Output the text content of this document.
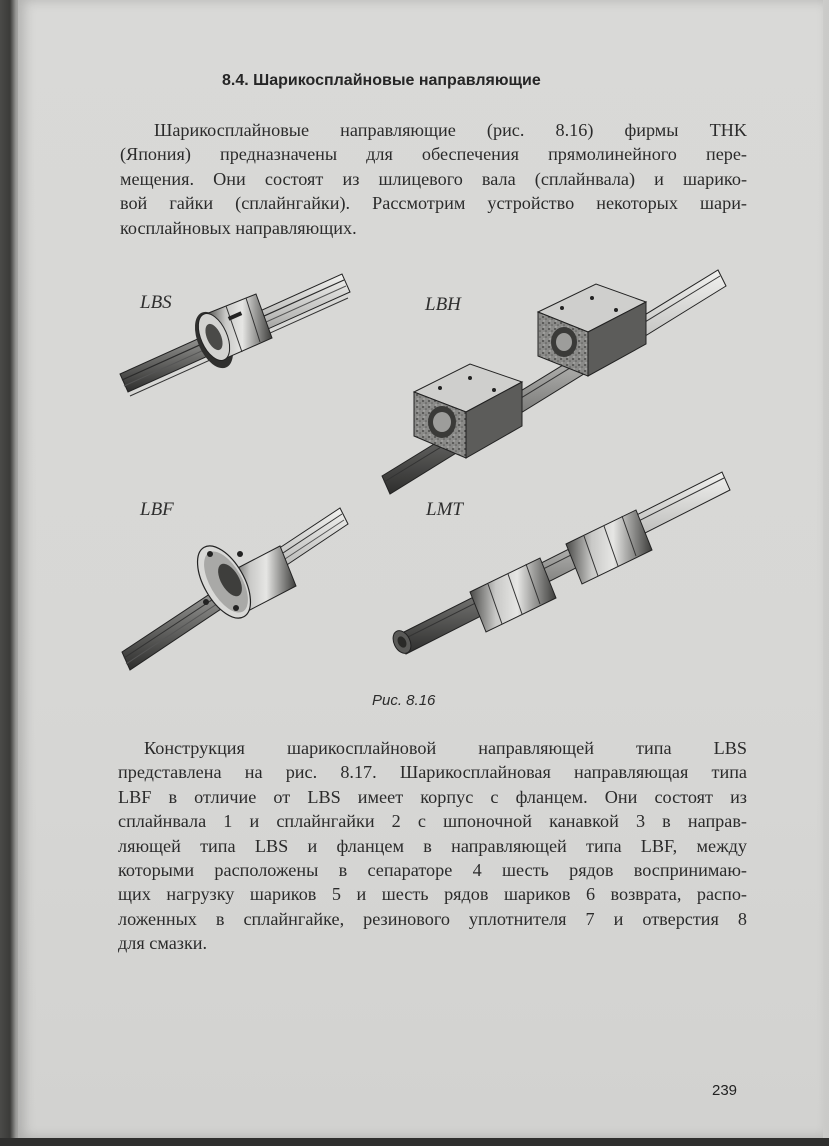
8.4. Шарикосплайновые направляющие
Шарикосплайновые направляющие (рис. 8.16) фирмы THK
(Япония) предназначены для обеспечения прямолинейного пере-
мещения. Они состоят из шлицевого вала (сплайнвала) и шарико-
вой гайки (сплайнгайки). Рассмотрим устройство некоторых шари-
косплайновых направляющих.
LBS	LBH
LBF	LMT
Рис. 8.16
Конструкция шарикосплайновой направляющей типа LBS
представлена на рис. 8.17. Шарикосплайновая направляющая типа
LBF в отличие от LBS имеет корпус с фланцем. Они состоят из
сплайнвала 1 и сплайнгайки 2 с шпоночной канавкой 3 в направ-
ляющей типа LBS и фланцем в направляющей типа LBF, между
которыми расположены в сепараторе 4 шесть рядов воспринимаю-
щих нагрузку шариков 5 и шесть рядов шариков 6 возврата, распо-
ложенных в сплайнгайке, резинового уплотнителя 7 и отверстия 8
для смазки.
239
